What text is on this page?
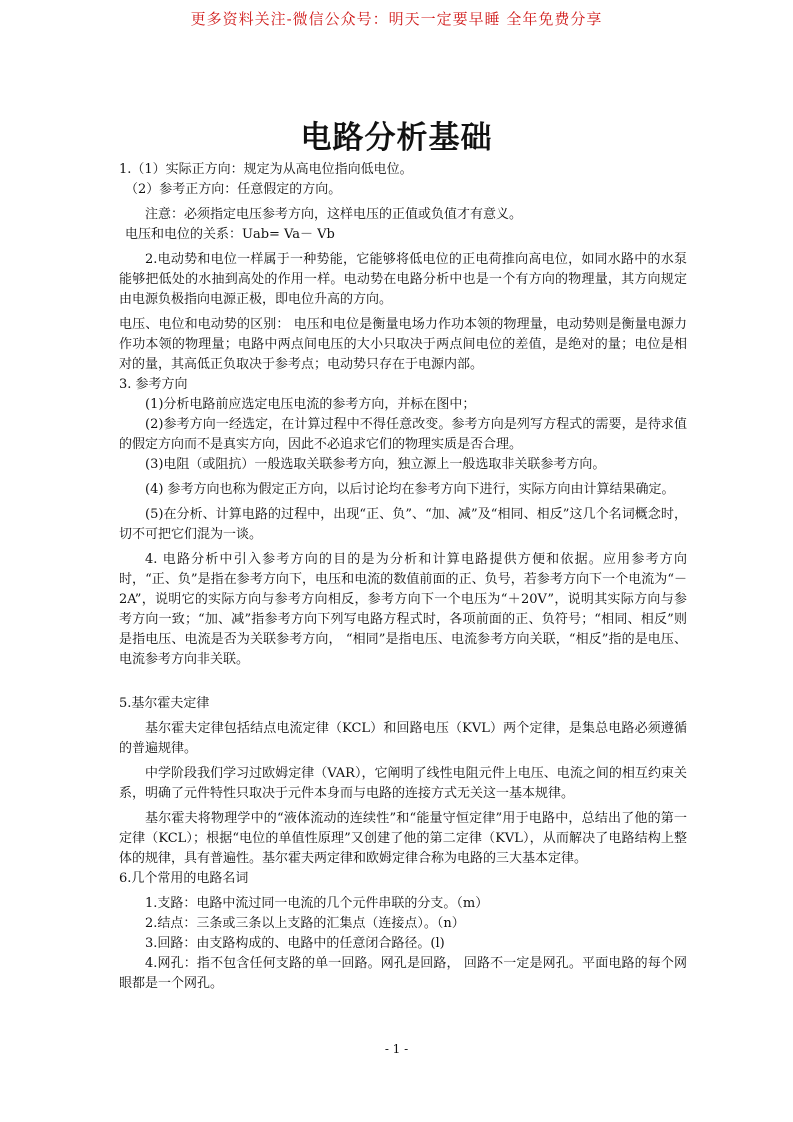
更多资料关注-微信公众号：明天一定要早睡 全年免费分享
电路分析基础

1.（1）实际正方向：规定为从高电位指向低电位。

（2）参考正方向：任意假定的方向。

注意：必须指定电压参考方向，这样电压的正值或负值才有意义。

电压和电位的关系：Uab= Va－ Vb

2.电动势和电位一样属于一种势能，它能够将低电位的正电荷推向高电位，如同水路中的水泵能够把低处的水抽到高处的作用一样。电动势在电路分析中也是一个有方向的物理量，其方向规定由电源负极指向电源正极，即电位升高的方向。

电压、电位和电动势的区别： 电压和电位是衡量电场力作功本领的物理量，电动势则是衡量电源力作功本领的物理量；电路中两点间电压的大小只取决于两点间电位的差值，是绝对的量；电位是相对的量，其高低正负取决于参考点；电动势只存在于电源内部。

3. 参考方向

(1)分析电路前应选定电压电流的参考方向，并标在图中；

(2)参考方向一经选定，在计算过程中不得任意改变。参考方向是列写方程式的需要，是待求值的假定方向而不是真实方向，因此不必追求它们的物理实质是否合理。

(3)电阻（或阻抗）一般选取关联参考方向，独立源上一般选取非关联参考方向。

(4) 参考方向也称为假定正方向，以后讨论均在参考方向下进行，实际方向由计算结果确定。

(5)在分析、计算电路的过程中，出现“正、负”、“加、减”及“相同、相反”这几个名词概念时，切不可把它们混为一谈。

4. 电路分析中引入参考方向的目的是为分析和计算电路提供方便和依据。应用参考方向时，“正、负”是指在参考方向下，电压和电流的数值前面的正、负号，若参考方向下一个电流为“－2A”，说明它的实际方向与参考方向相反，参考方向下一个电压为“＋20V”，说明其实际方向与参考方向一致；“加、减”指参考方向下列写电路方程式时，各项前面的正、负符号；“相同、相反”则是指电压、电流是否为关联参考方向， “相同”是指电压、电流参考方向关联，“相反”指的是电压、电流参考方向非关联。

5.基尔霍夫定律

基尔霍夫定律包括结点电流定律（KCL）和回路电压（KVL）两个定律，是集总电路必须遵循的普遍规律。

中学阶段我们学习过欧姆定律（VAR），它阐明了线性电阻元件上电压、电流之间的相互约束关系，明确了元件特性只取决于元件本身而与电路的连接方式无关这一基本规律。

基尔霍夫将物理学中的“液体流动的连续性”和“能量守恒定律”用于电路中，总结出了他的第一定律（KCL）；根据“电位的单值性原理”又创建了他的第二定律（KVL），从而解决了电路结构上整体的规律，具有普遍性。基尔霍夫两定律和欧姆定律合称为电路的三大基本定律。

6.几个常用的电路名词

1.支路：电路中流过同一电流的几个元件串联的分支。（m）

2.结点：三条或三条以上支路的汇集点（连接点）。（n）

3.回路：由支路构成的、电路中的任意闭合路径。(l)

4.网孔：指不包含任何支路的单一回路。网孔是回路， 回路不一定是网孔。平面电路的每个网眼都是一个网孔。

- 1 -
